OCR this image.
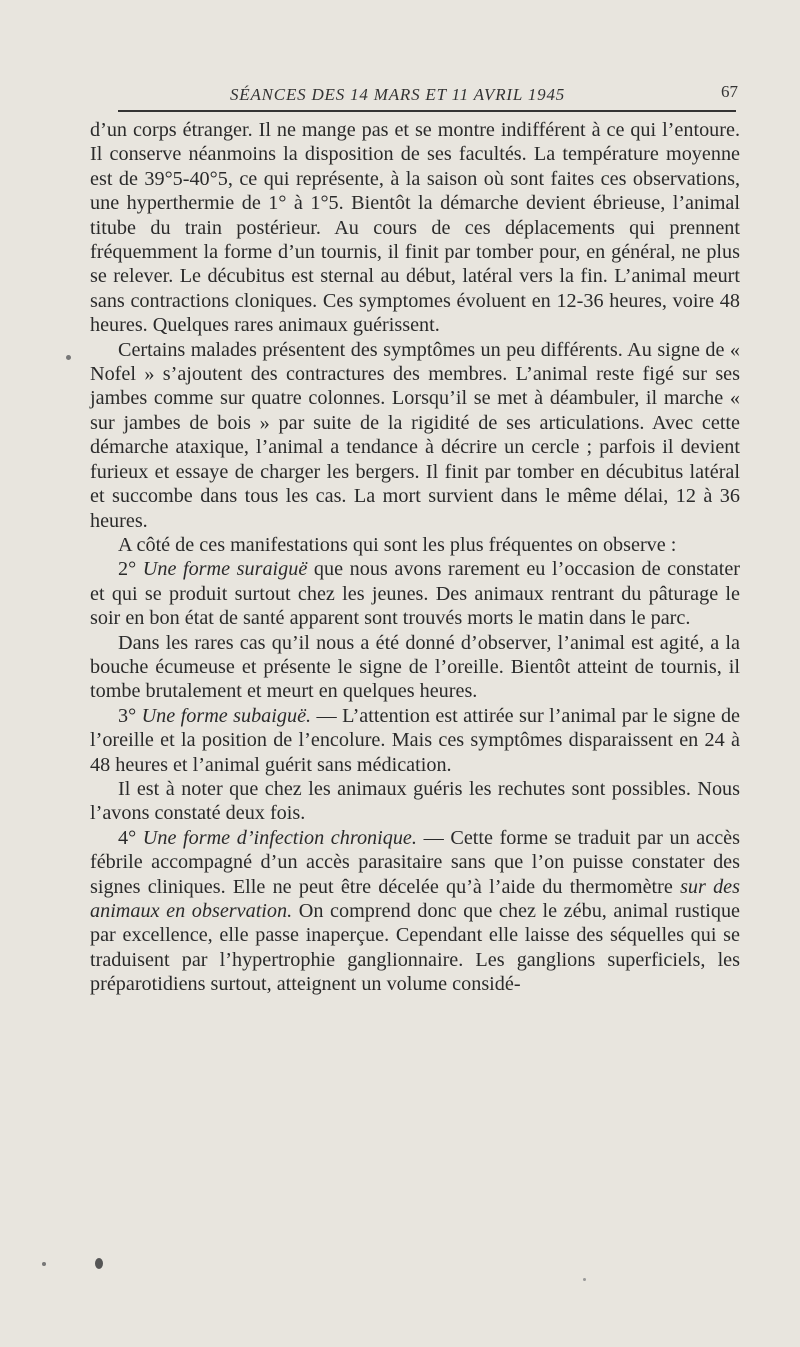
SÉANCES DES 14 MARS ET 11 AVRIL 1945	67

d’un corps étranger. Il ne mange pas et se montre indifférent à ce qui l’entoure. Il conserve néanmoins la disposition de ses facultés. La température moyenne est de 39°5-40°5, ce qui représente, à la saison où sont faites ces observations, une hyperthermie de 1° à 1°5. Bientôt la démarche devient ébrieuse, l’animal titube du train postérieur. Au cours de ces déplacements qui prennent fréquemment la forme d’un tournis, il finit par tomber pour, en général, ne plus se relever. Le décubitus est sternal au début, latéral vers la fin. L’animal meurt sans contractions cloniques. Ces symptomes évoluent en 12-36 heures, voire 48 heures. Quelques rares animaux guérissent.

Certains malades présentent des symptômes un peu différents. Au signe de « Nofel » s’ajoutent des contractures des membres. L’animal reste figé sur ses jambes comme sur quatre colonnes. Lorsqu’il se met à déambuler, il marche « sur jambes de bois » par suite de la rigidité de ses articulations. Avec cette démarche ataxique, l’animal a tendance à décrire un cercle ; parfois il devient furieux et essaye de charger les bergers. Il finit par tomber en décubitus latéral et succombe dans tous les cas. La mort survient dans le même délai, 12 à 36 heures.

A côté de ces manifestations qui sont les plus fréquentes on observe :

2° Une forme suraiguë que nous avons rarement eu l’occasion de constater et qui se produit surtout chez les jeunes. Des animaux rentrant du pâturage le soir en bon état de santé apparent sont trouvés morts le matin dans le parc.

Dans les rares cas qu’il nous a été donné d’observer, l’animal est agité, a la bouche écumeuse et présente le signe de l’oreille. Bientôt atteint de tournis, il tombe brutalement et meurt en quelques heures.

3° Une forme subaiguë. — L’attention est attirée sur l’animal par le signe de l’oreille et la position de l’encolure. Mais ces symptômes disparaissent en 24 à 48 heures et l’animal guérit sans médication.

Il est à noter que chez les animaux guéris les rechutes sont possibles. Nous l’avons constaté deux fois.

4° Une forme d’infection chronique. — Cette forme se traduit par un accès fébrile accompagné d’un accès parasitaire sans que l’on puisse constater des signes cliniques. Elle ne peut être décelée qu’à l’aide du thermomètre sur des animaux en observation. On comprend donc que chez le zébu, animal rustique par excellence, elle passe inaperçue. Cependant elle laisse des séquelles qui se traduisent par l’hypertrophie ganglionnaire. Les ganglions superficiels, les préparotidiens surtout, atteignent un volume considé-
